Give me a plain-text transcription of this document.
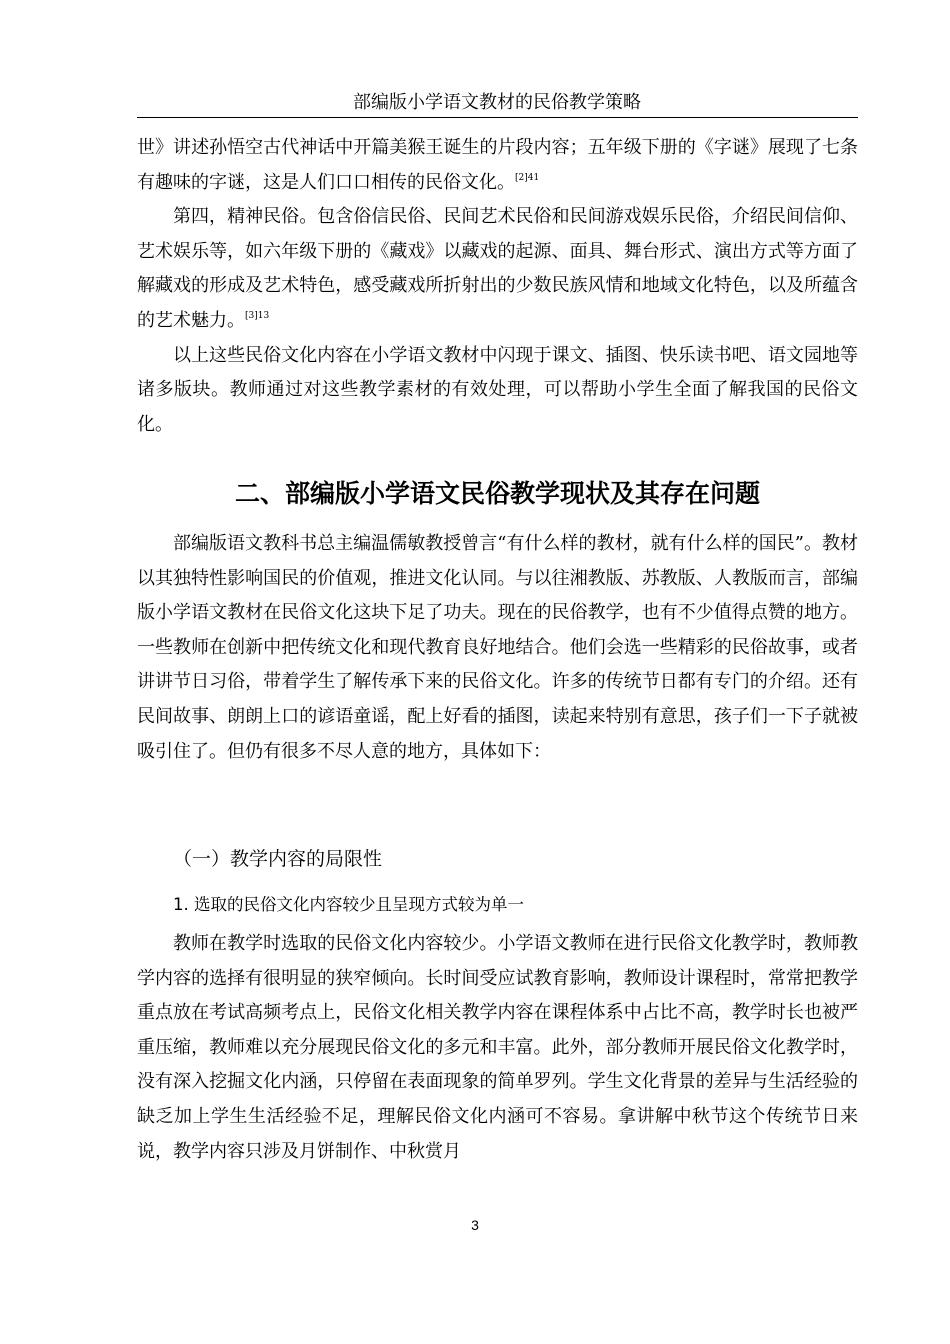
部编版小学语文教材的民俗教学策略

世》讲述孙悟空古代神话中开篇美猴王诞生的片段内容；五年级下册的《字谜》展现了七条有趣味的字谜，这是人们口口相传的民俗文化。$^{[2]41}$

第四，精神民俗。包含俗信民俗、民间艺术民俗和民间游戏娱乐民俗，介绍民间信仰、艺术娱乐等，如六年级下册的《藏戏》以藏戏的起源、面具、舞台形式、演出方式等方面了解藏戏的形成及艺术特色，感受藏戏所折射出的少数民族风情和地域文化特色，以及所蕴含的艺术魅力。$^{[3]13}$

以上这些民俗文化内容在小学语文教材中闪现于课文、插图、快乐读书吧、语文园地等诸多版块。教师通过对这些教学素材的有效处理，可以帮助小学生全面了解我国的民俗文化。

二、部编版小学语文民俗教学现状及其存在问题

部编版语文教科书总主编温儒敏教授曾言“有什么样的教材，就有什么样的国民”。教材以其独特性影响国民的价值观，推进文化认同。与以往湘教版、苏教版、人教版而言，部编版小学语文教材在民俗文化这块下足了功夫。现在的民俗教学，也有不少值得点赞的地方。一些教师在创新中把传统文化和现代教育良好地结合。他们会选一些精彩的民俗故事，或者讲讲节日习俗，带着学生了解传承下来的民俗文化。许多的传统节日都有专门的介绍。还有民间故事、朗朗上口的谚语童谣，配上好看的插图，读起来特别有意思，孩子们一下子就被吸引住了。但仍有很多不尽人意的地方，具体如下：

（一）教学内容的局限性
1. 选取的民俗文化内容较少且呈现方式较为单一

教师在教学时选取的民俗文化内容较少。小学语文教师在进行民俗文化教学时，教师教学内容的选择有很明显的狭窄倾向。长时间受应试教育影响，教师设计课程时，常常把教学重点放在考试高频考点上，民俗文化相关教学内容在课程体系中占比不高，教学时长也被严重压缩，教师难以充分展现民俗文化的多元和丰富。此外，部分教师开展民俗文化教学时，没有深入挖掘文化内涵，只停留在表面现象的简单罗列。学生文化背景的差异与生活经验的缺乏加上学生生活经验不足，理解民俗文化内涵可不容易。拿讲解中秋节这个传统节日来说，教学内容只涉及月饼制作、中秋赏月

3
